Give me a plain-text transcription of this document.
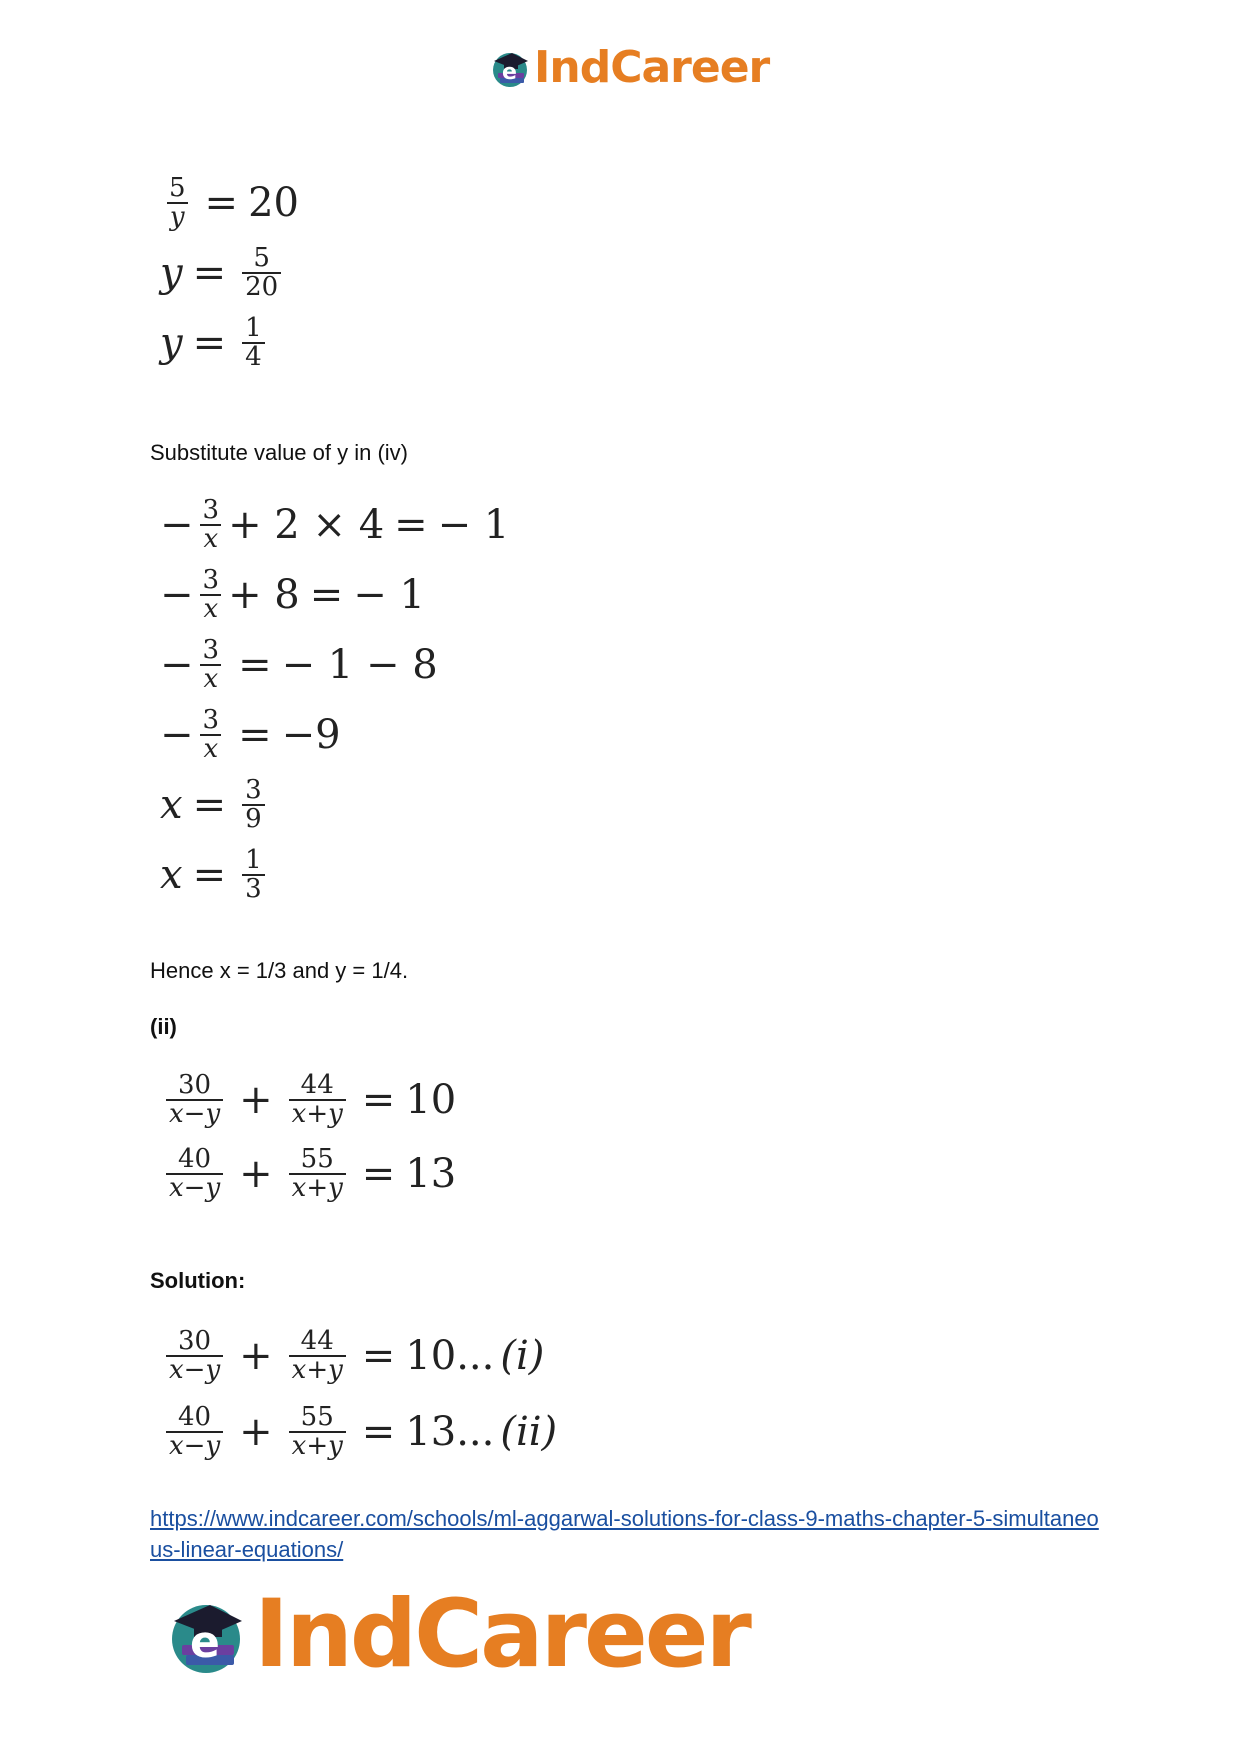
e IndCareer
$\frac{5}{y} = 20$
$y = \frac{5}{20}$
$y = \frac{1}{4}$
Substitute value of y in (iv)
− $\frac{3}{x} + 2 \times 4$ = − 1
− $\frac{3}{x} + 8$ = − 1
− $\frac{3}{x}$ = − 1 − 8
− $\frac{3}{x} = -9$
$x = \frac{3}{9}$
$x = \frac{1}{3}$
Hence x = 1/3 and y = 1/4.
(ii)
$\frac{30}{x-y} + \frac{44}{x+y} = 10$
$\frac{40}{x-y} + \frac{55}{x+y} = 13$
Solution:
$\frac{30}{x-y} + \frac{44}{x+y} = 10$... (i)
$\frac{40}{x-y} + \frac{55}{x+y} = 13$... (ii)
https://www.indcareer.com/schools/ml-aggarwal-solutions-for-class-9-maths-chapter-5-simultaneous-linear-equations/
e IndCareer
